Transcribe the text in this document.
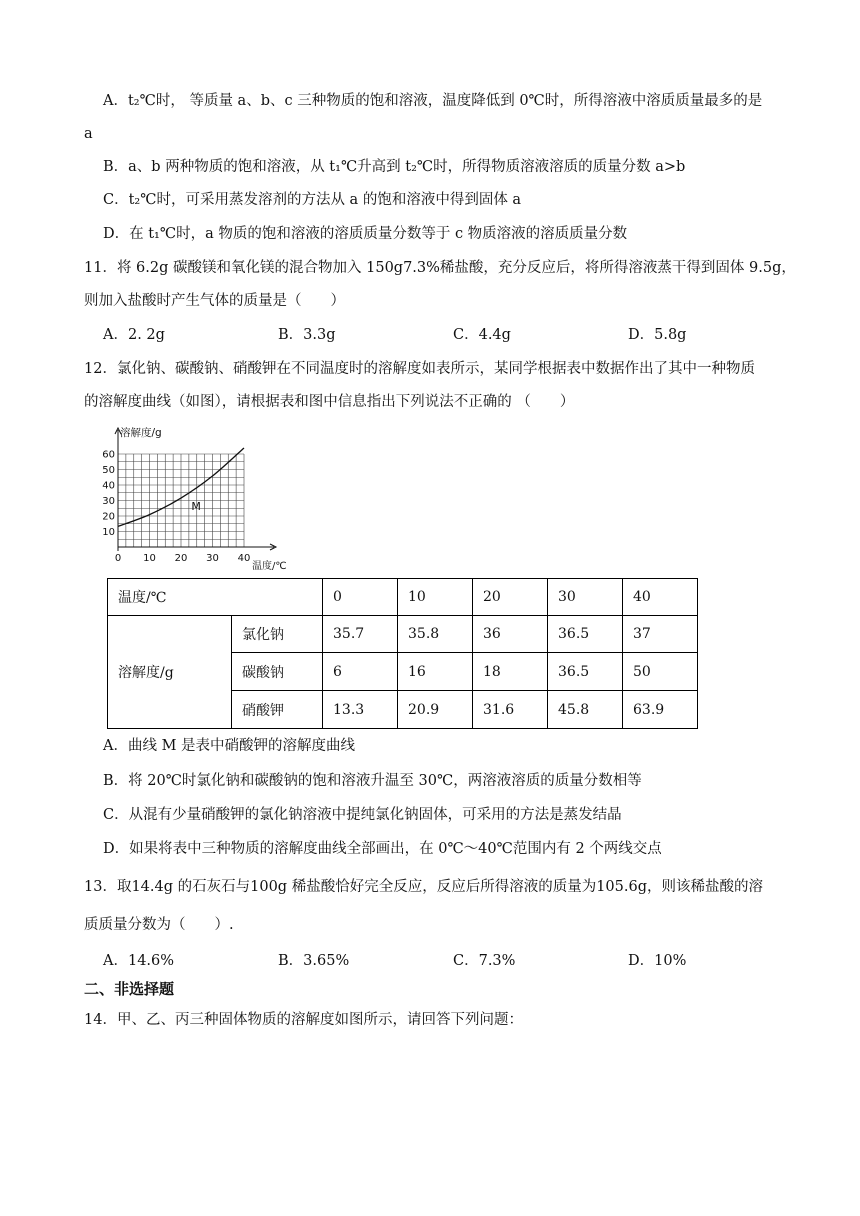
A．t₂℃时， 等质量 a、b、c 三种物质的饱和溶液，温度降低到 0℃时，所得溶液中溶质质量最多的是
a
B．a、b 两种物质的饱和溶液，从 t₁℃升高到 t₂℃时，所得物质溶液溶质的质量分数 a>b
C．t₂℃时，可采用蒸发溶剂的方法从 a 的饱和溶液中得到固体 a
D．在 t₁℃时，a 物质的饱和溶液的溶质质量分数等于 c 物质溶液的溶质质量分数
11．将 6.2g 碳酸镁和氧化镁的混合物加入 150g7.3%稀盐酸，充分反应后，将所得溶液蒸干得到固体 9.5g，
则加入盐酸时产生气体的质量是（　　）
A．2. 2g	B．3.3g	C．4.4g	D．5.8g
12．氯化钠、碳酸钠、硝酸钾在不同温度时的溶解度如表所示，某同学根据表中数据作出了其中一种物质
的溶解度曲线（如图），请根据表和图中信息指出下列说法不正确的 （　　）
10
20
30
40
50
60
0 10 20 30 40
M
溶解度/g
温度/℃
温度/℃		0	10	20	30	40
溶解度/g	氯化钠	35.7	35.8	36	36.5	37
	碳酸钠	6	16	18	36.5	50
	硝酸钾	13.3	20.9	31.6	45.8	63.9
A．曲线 M 是表中硝酸钾的溶解度曲线
B．将 20℃时氯化钠和碳酸钠的饱和溶液升温至 30℃，两溶液溶质的质量分数相等
C．从混有少量硝酸钾的氯化钠溶液中提纯氯化钠固体，可采用的方法是蒸发结晶
D．如果将表中三种物质的溶解度曲线全部画出，在 0℃～40℃范围内有 2 个两线交点
13．取14.4g 的石灰石与100g 稀盐酸恰好完全反应，反应后所得溶液的质量为105.6g，则该稀盐酸的溶
质质量分数为（　　）.
A．14.6%	B．3.65%	C．7.3%	D．10%
二、非选择题
14．甲、乙、丙三种固体物质的溶解度如图所示，请回答下列问题：
